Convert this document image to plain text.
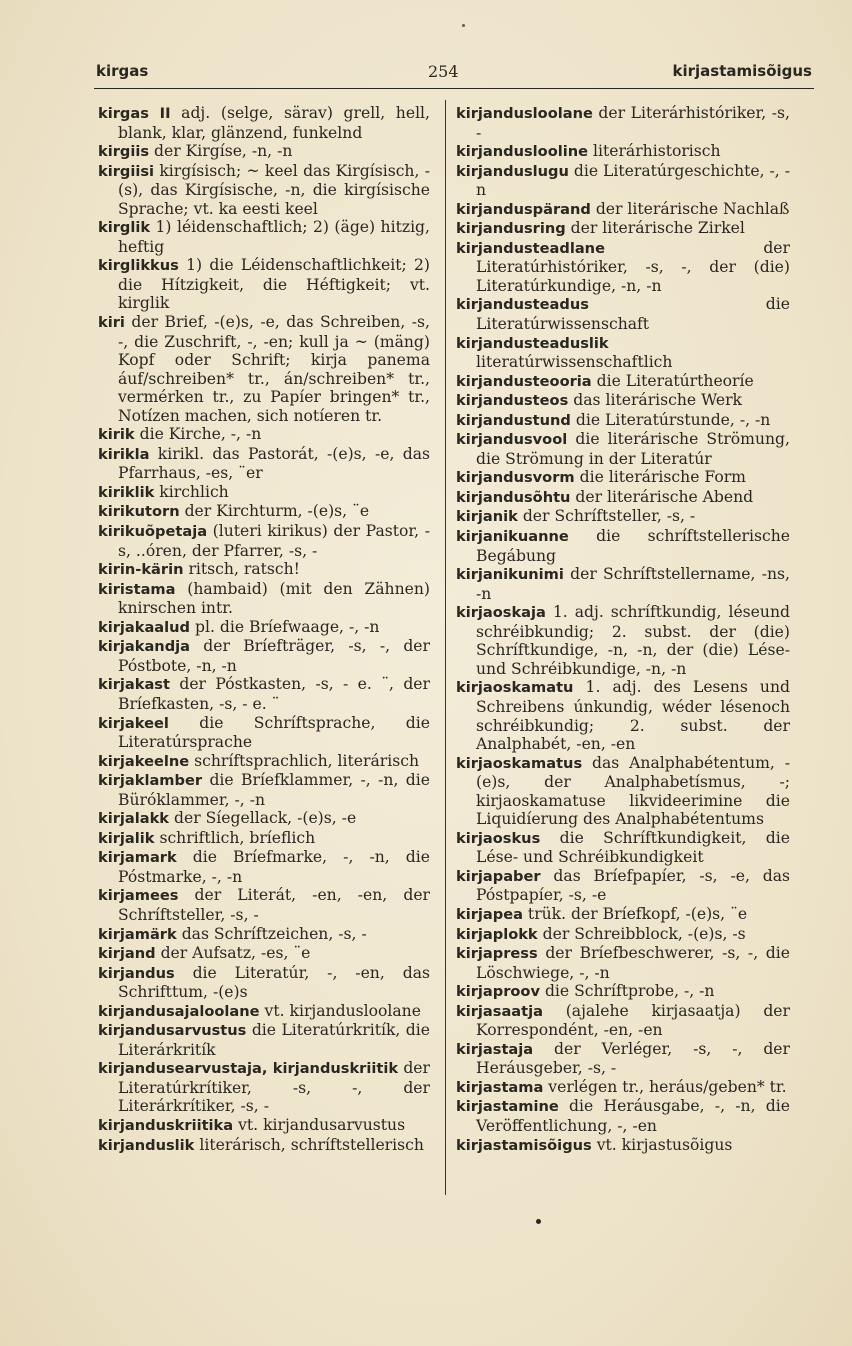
kirgas	254	kirjastamisõigus

kirgas II adj. (selge, särav) grell, hell, blank, klar, glänzend, funkelnd

kirgiis der Kirgíse, -n, -n

kirgiisi kirgísisch; ~ keel das Kirgísisch, -(s), das Kirgísische, -n, die kirgísische Sprache; vt. ka eesti keel

kirglik 1) léidenschaftlich; 2) (äge) hitzig, heftig

kirglikkus 1) die Léidenschaftlichkeit; 2) die Hítzigkeit, die Héftigkeit; vt. kirglik

kiri der Brief, -(e)s, -e, das Schreiben, -s, -, die Zuschrift, -, -en; kull ja ~ (mäng) Kopf oder Schrift; kirja panema áuf/schreiben* tr., án/schreiben* tr., vermérken tr., zu Papíer bringen* tr., Notízen machen, sich notíeren tr.

kirik die Kirche, -, -n

kirikla kirikl. das Pastorát, -(e)s, -e, das Pfarrhaus, -es, ¨er

kiriklik kirchlich

kirikutorn der Kirchturm, -(e)s, ¨e

kirikuõpetaja (luteri kirikus) der Pastor, -s, ..óren, der Pfarrer, -s, -

kirin-kärin ritsch, ratsch!

kiristama (hambaid) (mit den Zähnen) knirschen intr.

kirjakaalud pl. die Bríefwaage, -, -n

kirjakandja der Bríefträger, -s, -, der Póstbote, -n, -n

kirjakast der Póstkasten, -s, - e. ¨, der Bríefkasten, -s, - e. ¨

kirjakeel die Schríftsprache, die Literatúrsprache

kirjakeelne schríftsprachlich, literárisch

kirjaklamber die Bríefklammer, -, -n, die Büróklammer, -, -n

kirjalakk der Síegellack, -(e)s, -e

kirjalik schriftlich, bríeflich

kirjamark die Bríefmarke, -, -n, die Póstmarke, -, -n

kirjamees der Literát, -en, -en, der Schríftsteller, -s, -

kirjamärk das Schríftzeichen, -s, -

kirjand der Aufsatz, -es, ¨e

kirjandus die Literatúr, -, -en, das Schrifttum, -(e)s

kirjandusajaloolane vt. kirjandusloolane

kirjandusarvustus die Literatúrkritík, die Literárkritík

kirjandusearvustaja, kirjanduskriitik der Literatúrkrítiker, -s, -, der Literárkrítiker, -s, -

kirjanduskriitika vt. kirjandusarvustus

kirjanduslik literárisch, schríftstellerisch

kirjandusloolane der Literárhistóriker, -s, -

kirjanduslooline literárhistorisch

kirjanduslugu die Literatúrgeschichte, -, -n

kirjanduspärand der literárische Nachlaß

kirjandusring der literárische Zirkel

kirjandusteadlane	der Literatúrhistóriker, -s, -, der (die) Literatúrkundige, -n, -n

kirjandusteadus	die Literatúrwissenschaft

kirjandusteaduslik literatúrwissenschaftlich

kirjandusteooria die Literatúrtheoríe

kirjandusteos das literárische Werk

kirjandustund die Literatúrstunde, -, -n

kirjandusvool die literárische Strömung, die Strömung in der Literatúr

kirjandusvorm die literárische Form

kirjandusõhtu der literárische Abend

kirjanik der Schríftsteller, -s, -

kirjanikuanne die schríftstellerische Begábung

kirjanikunimi der Schríftstellername, -ns, -n

kirjaoskaja 1. adj. schríftkundig, léseund schréibkundig; 2. subst. der (die) Schríftkundige, -n, -n, der (die) Lése- und Schréibkundige, -n, -n

kirjaoskamatu 1. adj. des Lesens und Schreibens únkundig, wéder lésenoch schréibkundig; 2. subst. der Analphabét, -en, -en

kirjaoskamatus das Analphabétentum, -(e)s, der Analphabetísmus, -; kirjaoskamatuse likvideerimine die Liquidíerung des Analphabétentums

kirjaoskus die Schríftkundigkeit, die Lése- und Schréibkundigkeit

kirjapaber das Bríefpapíer, -s, -e, das Póstpapíer, -s, -e

kirjapea trük. der Bríefkopf, -(e)s, ¨e

kirjaplokk der Schreibblock, -(e)s, -s

kirjapress der Bríefbeschwerer, -s, -, die Löschwiege, -, -n

kirjaproov die Schríftprobe, -, -n

kirjasaatja (ajalehe kirjasaatja) der Korrespondént, -en, -en

kirjastaja der Verléger, -s, -, der Heráusgeber, -s, -

kirjastama verlégen tr., heráus/geben* tr.

kirjastamine die Heráusgabe, -, -n, die Veröffentlichung, -, -en

kirjastamisõigus vt. kirjastusõigus
